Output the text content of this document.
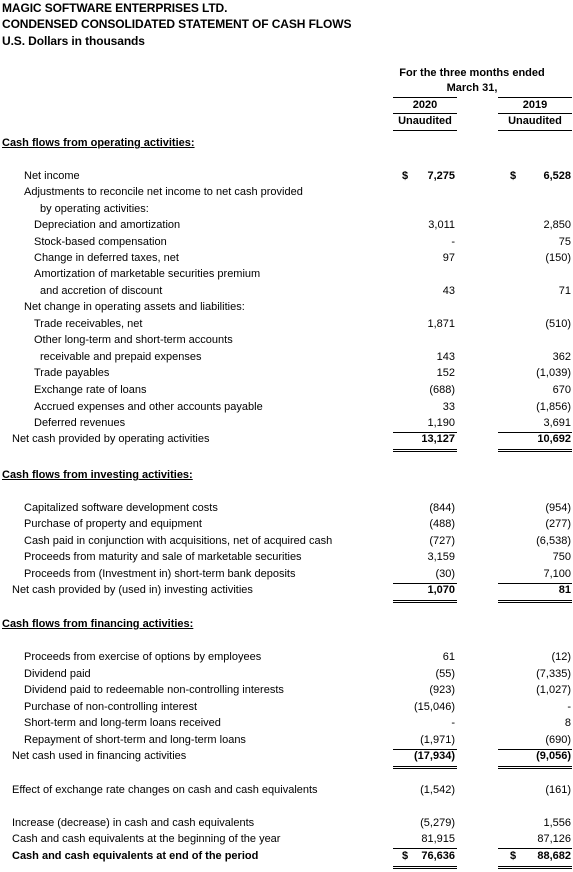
MAGIC SOFTWARE ENTERPRISES LTD.
CONDENSED CONSOLIDATED STATEMENT OF CASH FLOWS
U.S. Dollars in thousands
For the three months ended
March 31,
2020	2019
Unaudited	Unaudited
Cash flows from operating activities:
Net income	$	7,275	$	6,528
Adjustments to reconcile net income to net cash provided
by operating activities:
Depreciation and amortization	3,011	2,850
Stock-based compensation	-	75
Change in deferred taxes, net	97	(150)
Amortization of marketable securities premium
and accretion of discount	43	71
Net change in operating assets and liabilities:
Trade receivables, net	1,871	(510)
Other long-term and short-term accounts
receivable and prepaid expenses	143	362
Trade payables	152	(1,039)
Exchange rate of loans	(688)	670
Accrued expenses and other accounts payable	33	(1,856)
Deferred revenues	1,190	3,691
Net cash provided by operating activities	13,127	10,692
Cash flows from investing activities:
Capitalized software development costs	(844)	(954)
Purchase of property and equipment	(488)	(277)
Cash paid in conjunction with acquisitions, net of acquired cash	(727)	(6,538)
Proceeds from maturity and sale of marketable securities	3,159	750
Proceeds from (Investment in) short-term bank deposits	(30)	7,100
Net cash provided by (used in) investing activities	1,070	81
Cash flows from financing activities:
Proceeds from exercise of options by employees	61	(12)
Dividend paid	(55)	(7,335)
Dividend paid to redeemable non-controlling interests	(923)	(1,027)
Purchase of non-controlling interest	(15,046)	-
Short-term and long-term loans received	-	8
Repayment of short-term and long-term loans	(1,971)	(690)
Net cash used in financing activities	(17,934)	(9,056)
Effect of exchange rate changes on cash and cash equivalents	(1,542)	(161)
Increase (decrease) in cash and cash equivalents	(5,279)	1,556
Cash and cash equivalents at the beginning of the year	81,915	87,126
Cash and cash equivalents at end of the period	$	76,636	$	88,682
